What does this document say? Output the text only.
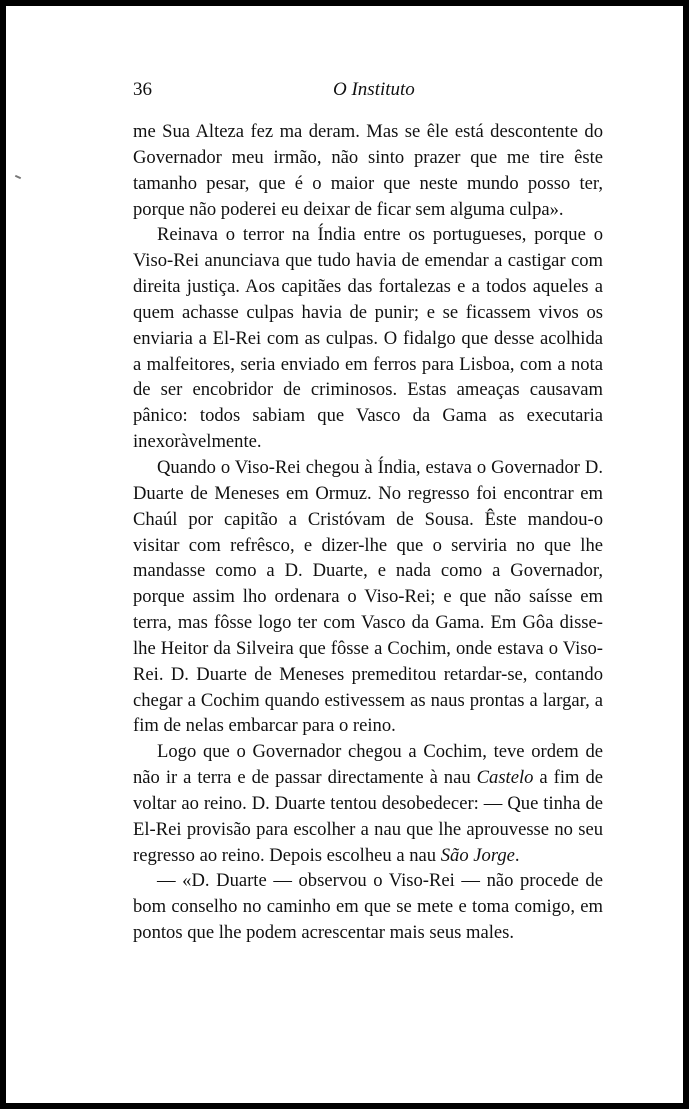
36	O Instituto

me Sua Alteza fez ma deram. Mas se êle está descontente do Governador meu irmão, não sinto prazer que me tire êste tamanho pesar, que é o maior que neste mundo posso ter, porque não poderei eu deixar de ficar sem alguma culpa».

Reinava o terror na Índia entre os portugueses, porque o Viso-Rei anunciava que tudo havia de emendar a castigar com direita justiça. Aos capitães das fortalezas e a todos aqueles a quem achasse culpas havia de punir; e se ficassem vivos os enviaria a El-Rei com as culpas. O fidalgo que desse acolhida a malfeitores, seria enviado em ferros para Lisboa, com a nota de ser encobridor de criminosos. Estas ameaças causavam pânico: todos sabiam que Vasco da Gama as executaria inexoràvelmente.

Quando o Viso-Rei chegou à Índia, estava o Governador D. Duarte de Meneses em Ormuz. No regresso foi encontrar em Chaúl por capitão a Cristóvam de Sousa. Êste mandou-o visitar com refrêsco, e dizer-lhe que o serviria no que lhe mandasse como a D. Duarte, e nada como a Governador, porque assim lho ordenara o Viso-Rei; e que não saísse em terra, mas fôsse logo ter com Vasco da Gama. Em Gôa disse-lhe Heitor da Silveira que fôsse a Cochim, onde estava o Viso-Rei. D. Duarte de Meneses premeditou retardar-se, contando chegar a Cochim quando estivessem as naus prontas a largar, a fim de nelas embarcar para o reino.

Logo que o Governador chegou a Cochim, teve ordem de não ir a terra e de passar directamente à nau Castelo a fim de voltar ao reino. D. Duarte tentou desobedecer: — Que tinha de El-Rei provisão para escolher a nau que lhe aprouvesse no seu regresso ao reino. Depois escolheu a nau São Jorge.

— «D. Duarte — observou o Viso-Rei — não procede de bom conselho no caminho em que se mete e toma comigo, em pontos que lhe podem acrescentar mais seus males.
